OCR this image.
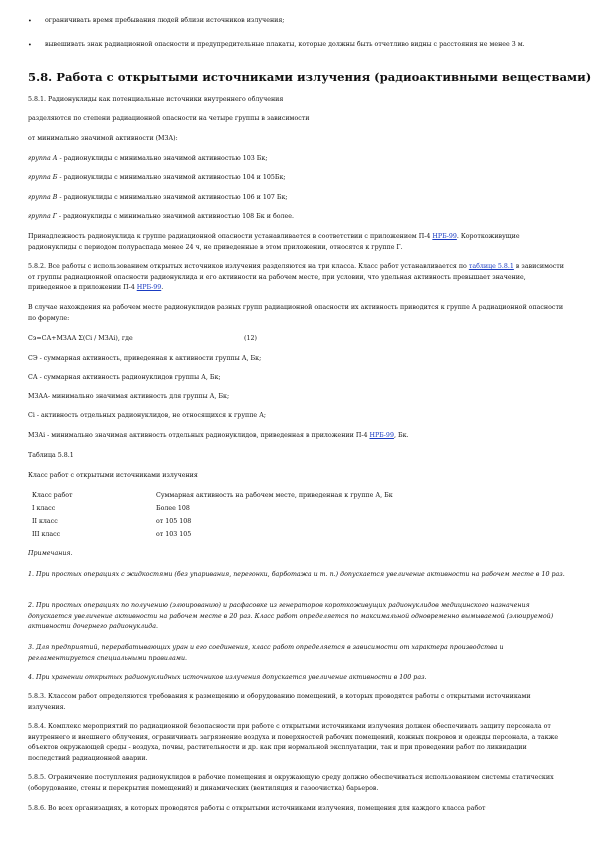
• ограничивать время пребывания людей вблизи источников излучения;
• вывешивать знак радиационной опасности и предупредительные плакаты, которые должны быть отчетливо видны с расстояния не менее 3 м.
5.8. Работа с открытыми источниками излучения (радиоактивными веществами)
5.8.1. Радионуклиды как потенциальные источники внутреннего облучения
разделяются по степени радиационной опасности на четыре группы в зависимости
от минимально значимой активности (МЗА):
группа А - радионуклиды с минимально значимой активностью 103 Бк;
группа Б - радионуклиды с минимально значимой активностью 104 и 105Бк;
группа В - радионуклиды с минимально значимой активностью 106 и 107 Бк;
группа Г - радионуклиды с минимально значимой активностью 108 Бк и более.
Принадлежность радионуклида к группе радиационной опасности устанавливается в соответствии с приложением П-4 НРБ-99. Короткоживущие радионуклиды с периодом полураспада менее 24 ч, не приведенные в этом приложении, относятся к группе Г.
5.8.2. Все работы с использованием открытых источников излучения разделяются на три класса. Класс работ устанавливается по таблице 5.8.1 в зависимости от группы радиационной опасности радионуклида и его активности на рабочем месте, при условии, что удельная активность превышает значение, приведенное в приложении П-4 НРБ-99.
В случае нахождения на рабочем месте радионуклидов разных групп радиационной опасности их активность приводится к группе А радиационной опасности по формуле:
Сэ=СА+МЗАА Σ(Сi / МЗАi), где	(12)
СЭ - суммарная активность, приведенная к активности группы А, Бк;
СА - суммарная активность радионуклидов группы А, Бк;
МЗАА- минимально значимая активность для группы А, Бк;
Ci - активность отдельных радионуклидов, не относящихся к группе А;
МЗАi - минимально значимая активность отдельных радионуклидов, приведенная в приложении П-4 НРБ-99, Бк.
Таблица 5.8.1
Класс работ с открытыми источниками излучения
Класс работ	Суммарная активность на рабочем месте, приведенная к группе А, Бк
I класс	Более 108
II класс	от 105 108
III класс	от 103 105
Примечания.
1. При простых операциях с жидкостями (без упаривания, перегонки, барботажа и т. п.) допускается увеличение активности на рабочем месте в 10 раз.
2. При простых операциях по получению (элюированию) и расфасовке из генераторов короткоживущих радионуклидов медицинского назначения допускается увеличение активности на рабочем месте в 20 раз. Класс работ определяется по максимальной одновременно вымываемой (элюируемой) активности дочернего радионуклида.
3. Для предприятий, перерабатывающих уран и его соединения, класс работ определяется в зависимости от характера производства и регламентируется специальными правилами.
4. При хранении открытых радионуклидных источников излучения допускается увеличение активности в 100 раз.
5.8.3. Классом работ определяются требования к размещению и оборудованию помещений, в которых проводятся работы с открытыми источниками излучения.
5.8.4. Комплекс мероприятий по радиационной безопасности при работе с открытыми источниками излучения должен обеспечивать защиту персонала от внутреннего и внешнего облучения, ограничивать загрязнение воздуха и поверхностей рабочих помещений, кожных покровов и одежды персонала, а также объектов окружающей среды - воздуха, почвы, растительности и др. как при нормальной эксплуатации, так и при проведении работ по ликвидации последствий радиационной аварии.
5.8.5. Ограничение поступления радионуклидов в рабочие помещения и окружающую среду должно обеспечиваться использованием системы статических (оборудование, стены и перекрытия помещений) и динамических (вентиляция и газоочистка) барьеров.
5.8.6. Во всех организациях, в которых проводятся работы с открытыми источниками излучения, помещения для каждого класса работ
